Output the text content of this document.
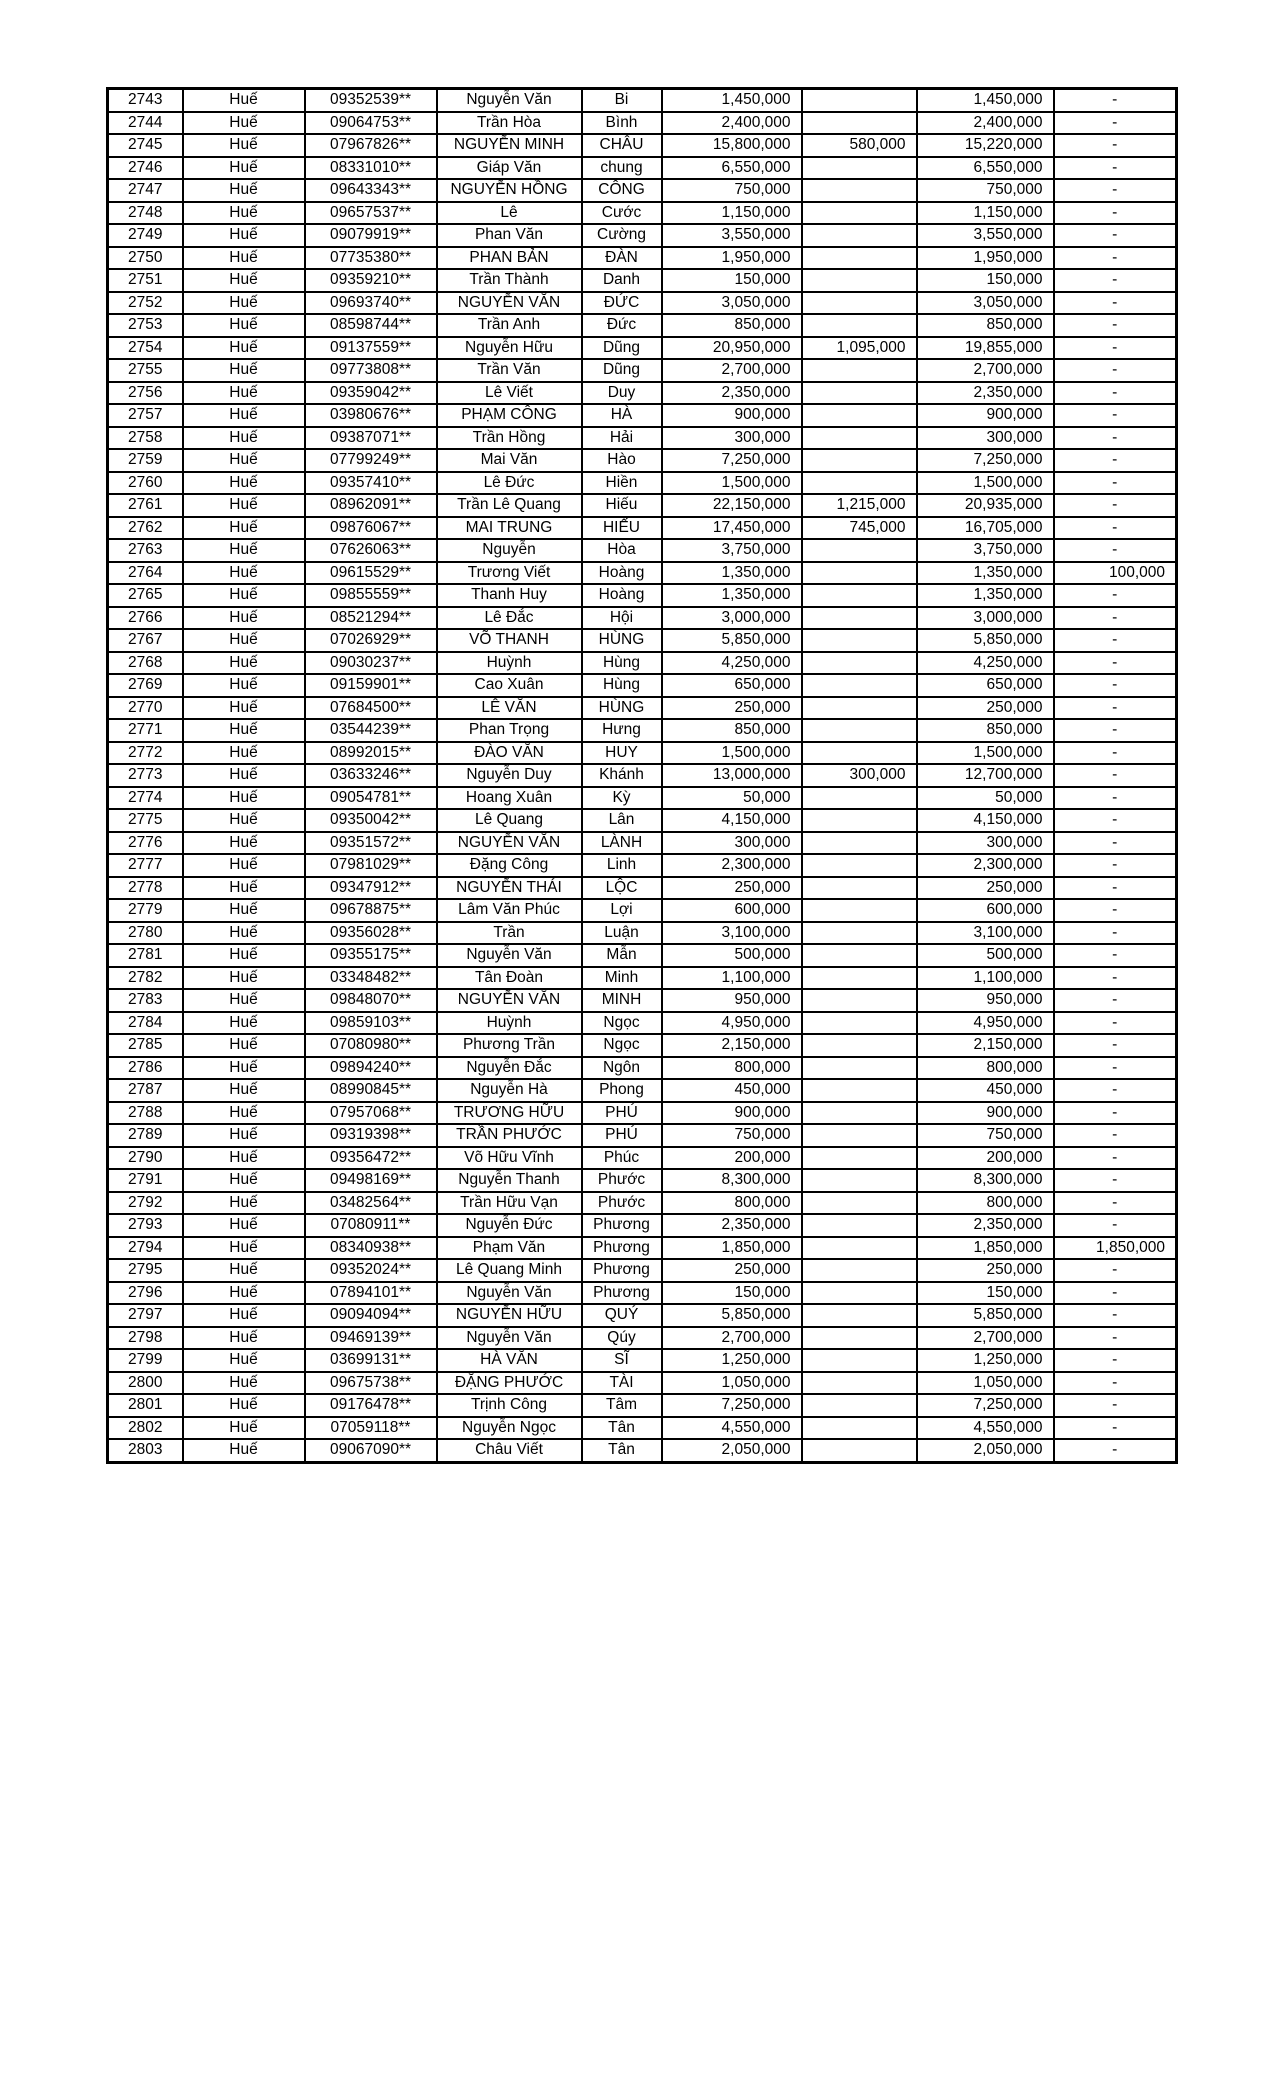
2743	Huế	09352539**	Nguyễn Văn	Bi	1,450,000		1,450,000	-
2744	Huế	09064753**	Trần Hòa	Bình	2,400,000		2,400,000	-
2745	Huế	07967826**	NGUYỄN MINH	CHÂU	15,800,000	580,000	15,220,000	-
2746	Huế	08331010**	Giáp Văn	chung	6,550,000		6,550,000	-
2747	Huế	09643343**	NGUYỄN HỒNG	CÔNG	750,000		750,000	-
2748	Huế	09657537**	Lê	Cước	1,150,000		1,150,000	-
2749	Huế	09079919**	Phan Văn	Cường	3,550,000		3,550,000	-
2750	Huế	07735380**	PHAN BẢN	ĐÀN	1,950,000		1,950,000	-
2751	Huế	09359210**	Trần Thành	Danh	150,000		150,000	-
2752	Huế	09693740**	NGUYỄN VĂN	ĐỨC	3,050,000		3,050,000	-
2753	Huế	08598744**	Trần Anh	Đức	850,000		850,000	-
2754	Huế	09137559**	Nguyễn Hữu	Dũng	20,950,000	1,095,000	19,855,000	-
2755	Huế	09773808**	Trần Văn	Dũng	2,700,000		2,700,000	-
2756	Huế	09359042**	Lê Viết	Duy	2,350,000		2,350,000	-
2757	Huế	03980676**	PHẠM CÔNG	HÀ	900,000		900,000	-
2758	Huế	09387071**	Trần Hồng	Hải	300,000		300,000	-
2759	Huế	07799249**	Mai Văn	Hào	7,250,000		7,250,000	-
2760	Huế	09357410**	Lê Đức	Hiền	1,500,000		1,500,000	-
2761	Huế	08962091**	Trần Lê Quang	Hiếu	22,150,000	1,215,000	20,935,000	-
2762	Huế	09876067**	MAI TRUNG	HIẾU	17,450,000	745,000	16,705,000	-
2763	Huế	07626063**	Nguyễn	Hòa	3,750,000		3,750,000	-
2764	Huế	09615529**	Trương Viết	Hoàng	1,350,000		1,350,000	100,000
2765	Huế	09855559**	Thanh Huy	Hoàng	1,350,000		1,350,000	-
2766	Huế	08521294**	Lê Đắc	Hội	3,000,000		3,000,000	-
2767	Huế	07026929**	VÕ THANH	HÙNG	5,850,000		5,850,000	-
2768	Huế	09030237**	Huỳnh	Hùng	4,250,000		4,250,000	-
2769	Huế	09159901**	Cao Xuân	Hùng	650,000		650,000	-
2770	Huế	07684500**	LÊ VĂN	HÙNG	250,000		250,000	-
2771	Huế	03544239**	Phan Trọng	Hưng	850,000		850,000	-
2772	Huế	08992015**	ĐÀO VĂN	HUY	1,500,000		1,500,000	-
2773	Huế	03633246**	Nguyễn Duy	Khánh	13,000,000	300,000	12,700,000	-
2774	Huế	09054781**	Hoang Xuân	Kỳ	50,000		50,000	-
2775	Huế	09350042**	Lê Quang	Lân	4,150,000		4,150,000	-
2776	Huế	09351572**	NGUYỄN VĂN	LÀNH	300,000		300,000	-
2777	Huế	07981029**	Đặng Công	Linh	2,300,000		2,300,000	-
2778	Huế	09347912**	NGUYỄN THÁI	LỘC	250,000		250,000	-
2779	Huế	09678875**	Lâm Văn Phúc	Lợi	600,000		600,000	-
2780	Huế	09356028**	Trần	Luận	3,100,000		3,100,000	-
2781	Huế	09355175**	Nguyễn Văn	Mẫn	500,000		500,000	-
2782	Huế	03348482**	Tân Đoàn	Minh	1,100,000		1,100,000	-
2783	Huế	09848070**	NGUYỄN VĂN	MINH	950,000		950,000	-
2784	Huế	09859103**	Huỳnh	Ngọc	4,950,000		4,950,000	-
2785	Huế	07080980**	Phương Trần	Ngọc	2,150,000		2,150,000	-
2786	Huế	09894240**	Nguyễn Đắc	Ngôn	800,000		800,000	-
2787	Huế	08990845**	Nguyễn Hà	Phong	450,000		450,000	-
2788	Huế	07957068**	TRƯƠNG HỮU	PHÚ	900,000		900,000	-
2789	Huế	09319398**	TRẦN PHƯỚC	PHÚ	750,000		750,000	-
2790	Huế	09356472**	Võ Hữu Vĩnh	Phúc	200,000		200,000	-
2791	Huế	09498169**	Nguyễn Thanh	Phước	8,300,000		8,300,000	-
2792	Huế	03482564**	Trần Hữu Vạn	Phước	800,000		800,000	-
2793	Huế	07080911**	Nguyễn Đức	Phương	2,350,000		2,350,000	-
2794	Huế	08340938**	Phạm Văn	Phương	1,850,000		1,850,000	1,850,000
2795	Huế	09352024**	Lê Quang Minh	Phương	250,000		250,000	-
2796	Huế	07894101**	Nguyễn Văn	Phương	150,000		150,000	-
2797	Huế	09094094**	NGUYỄN HỮU	QUÝ	5,850,000		5,850,000	-
2798	Huế	09469139**	Nguyễn Văn	Qúy	2,700,000		2,700,000	-
2799	Huế	03699131**	HÀ VĂN	SĨ	1,250,000		1,250,000	-
2800	Huế	09675738**	ĐẶNG PHƯỚC	TÀI	1,050,000		1,050,000	-
2801	Huế	09176478**	Trịnh Công	Tâm	7,250,000		7,250,000	-
2802	Huế	07059118**	Nguyễn Ngọc	Tân	4,550,000		4,550,000	-
2803	Huế	09067090**	Châu Viết	Tân	2,050,000		2,050,000	-
